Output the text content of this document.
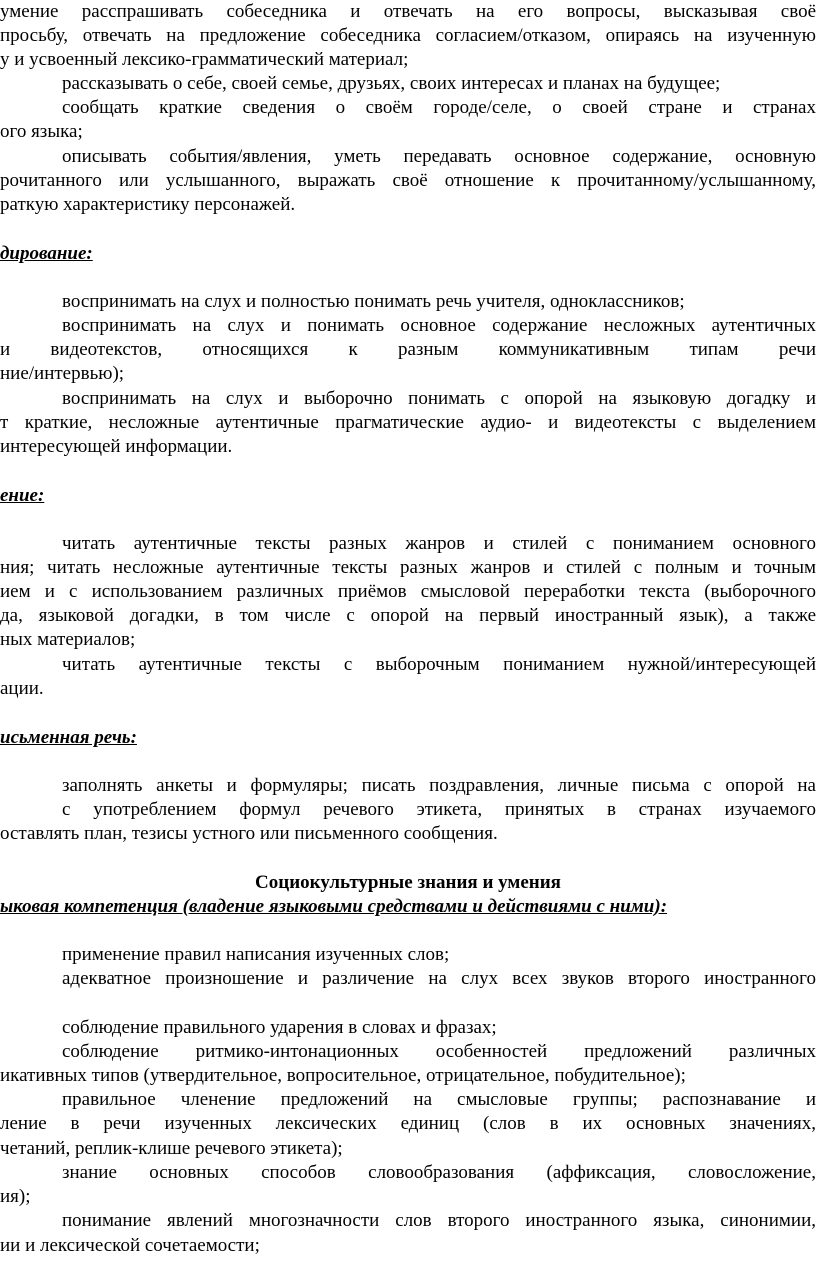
умение расспрашивать собеседника и отвечать на его вопросы, высказывая своё
просьбу, отвечать на предложение собеседника согласием/отказом, опираясь на изученную
у и усвоенный лексико-грамматический материал;
рассказывать о себе, своей семье, друзьях, своих интересах и планах на будущее;
сообщать краткие сведения о своём городе/селе, о своей стране и странах
ого языка;
описывать события/явления, уметь передавать основное содержание, основную
рочитанного или услышанного, выражать своё отношение к прочитанному/услышанному,
раткую характеристику персонажей.
дирование:
воспринимать на слух и полностью понимать речь учителя, одноклассников;
воспринимать на слух и понимать основное содержание несложных аутентичных
и видеотекстов, относящихся к разным коммуникативным типам речи
ние/интервью);
воспринимать на слух и выборочно понимать с опорой на языковую догадку и
т краткие, несложные аутентичные прагматические аудио- и видеотексты с выделением
интересующей информации.
ение:
читать аутентичные тексты разных жанров и стилей с пониманием основного
ния; читать несложные аутентичные тексты разных жанров и стилей с полным и точным
ием и с использованием различных приёмов смысловой переработки текста (выборочного
да, языковой догадки, в том числе с опорой на первый иностранный язык), а также
ных материалов;
читать аутентичные тексты с выборочным пониманием нужной/интересующей
ации.
исьменная речь:
заполнять анкеты и формуляры; писать поздравления, личные письма с опорой на
с употреблением формул речевого этикета, принятых в странах изучаемого
оставлять план, тезисы устного или письменного сообщения.
Социокультурные знания и умения
ыковая компетенция (владение языковыми средствами и действиями с ними):
применение правил написания изученных слов;
адекватное произношение и различение на слух всех звуков второго иностранного
соблюдение правильного ударения в словах и фразах;
соблюдение ритмико-интонационных особенностей предложений различных
икативных типов (утвердительное, вопросительное, отрицательное, побудительное);
правильное членение предложений на смысловые группы; распознавание и
ление в речи изученных лексических единиц (слов в их основных значениях,
четаний, реплик-клише речевого этикета);
знание основных способов словообразования (аффиксация, словосложение,
ия);
понимание явлений многозначности слов второго иностранного языка, синонимии,
ии и лексической сочетаемости;
